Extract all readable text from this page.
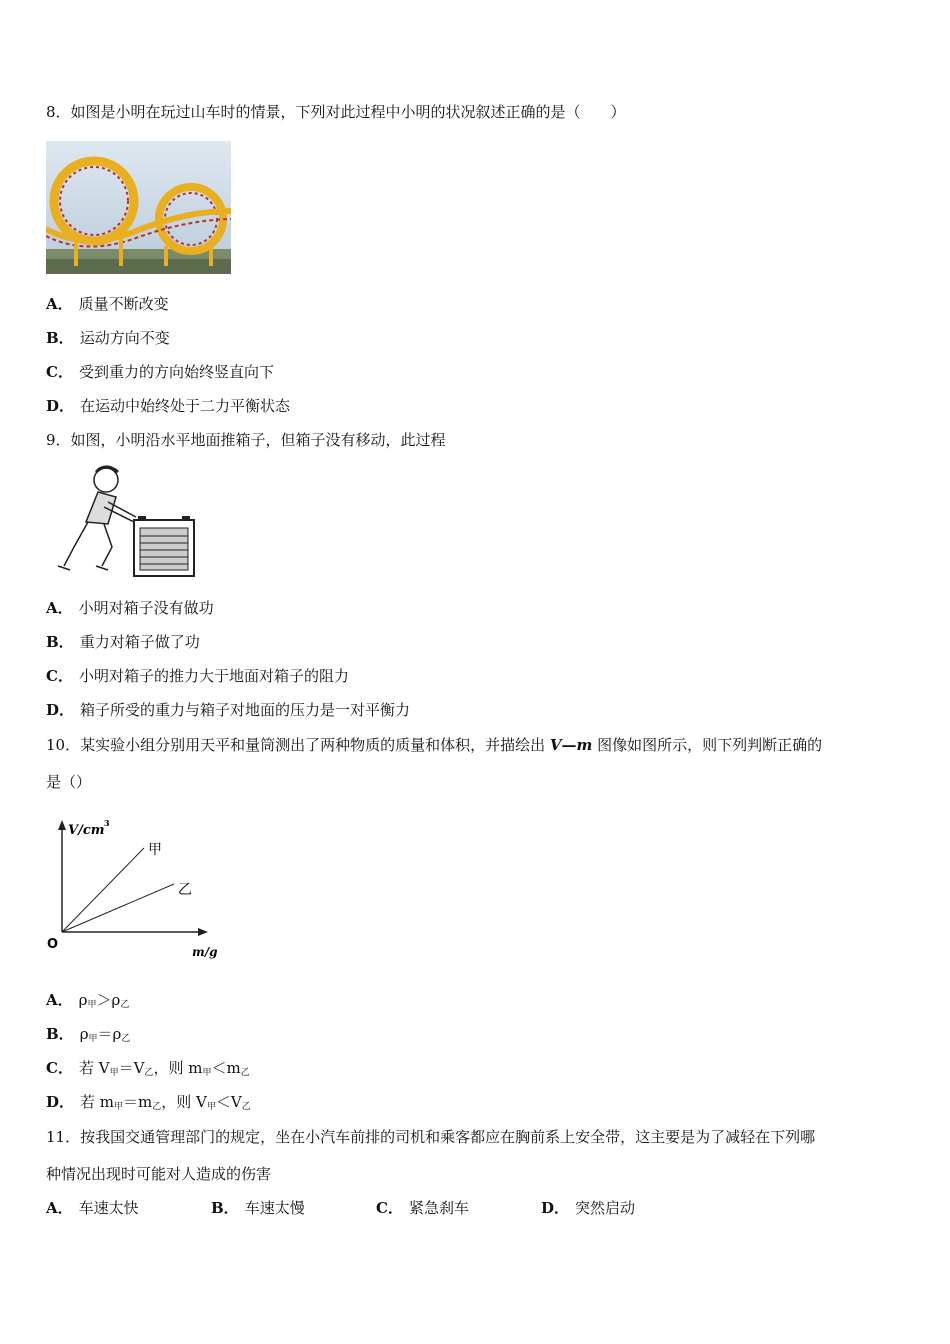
8．如图是小明在玩过山车时的情景，下列对此过程中小明的状况叙述正确的是（　　）
A． 质量不断改变
B． 运动方向不变
C． 受到重力的方向始终竖直向下
D． 在运动中始终处于二力平衡状态
9．如图，小明沿水平地面推箱子，但箱子没有移动，此过程
A． 小明对箱子没有做功
B． 重力对箱子做了功
C． 小明对箱子的推力大于地面对箱子的阻力
D． 箱子所受的重力与箱子对地面的压力是一对平衡力
10．某实验小组分别用天平和量筒测出了两种物质的质量和体积，并描绘出 V—m 图像如图所示，则下列判断正确的
是（）
V/cm 3
m/g
O
甲
乙
A． $\rho_甲>\rho_乙$
B． $\rho_甲=\rho_乙$
C． 若 $V_甲=V_乙$，则 $m_甲<m_乙$
D． 若 $m_甲=m_乙$，则 $V_甲<V_乙$
11．按我国交通管理部门的规定，坐在小汽车前排的司机和乘客都应在胸前系上安全带，这主要是为了减轻在下列哪
种情况出现时可能对人造成的伤害
A． 车速太快	B． 车速太慢	C． 紧急刹车	D． 突然启动
